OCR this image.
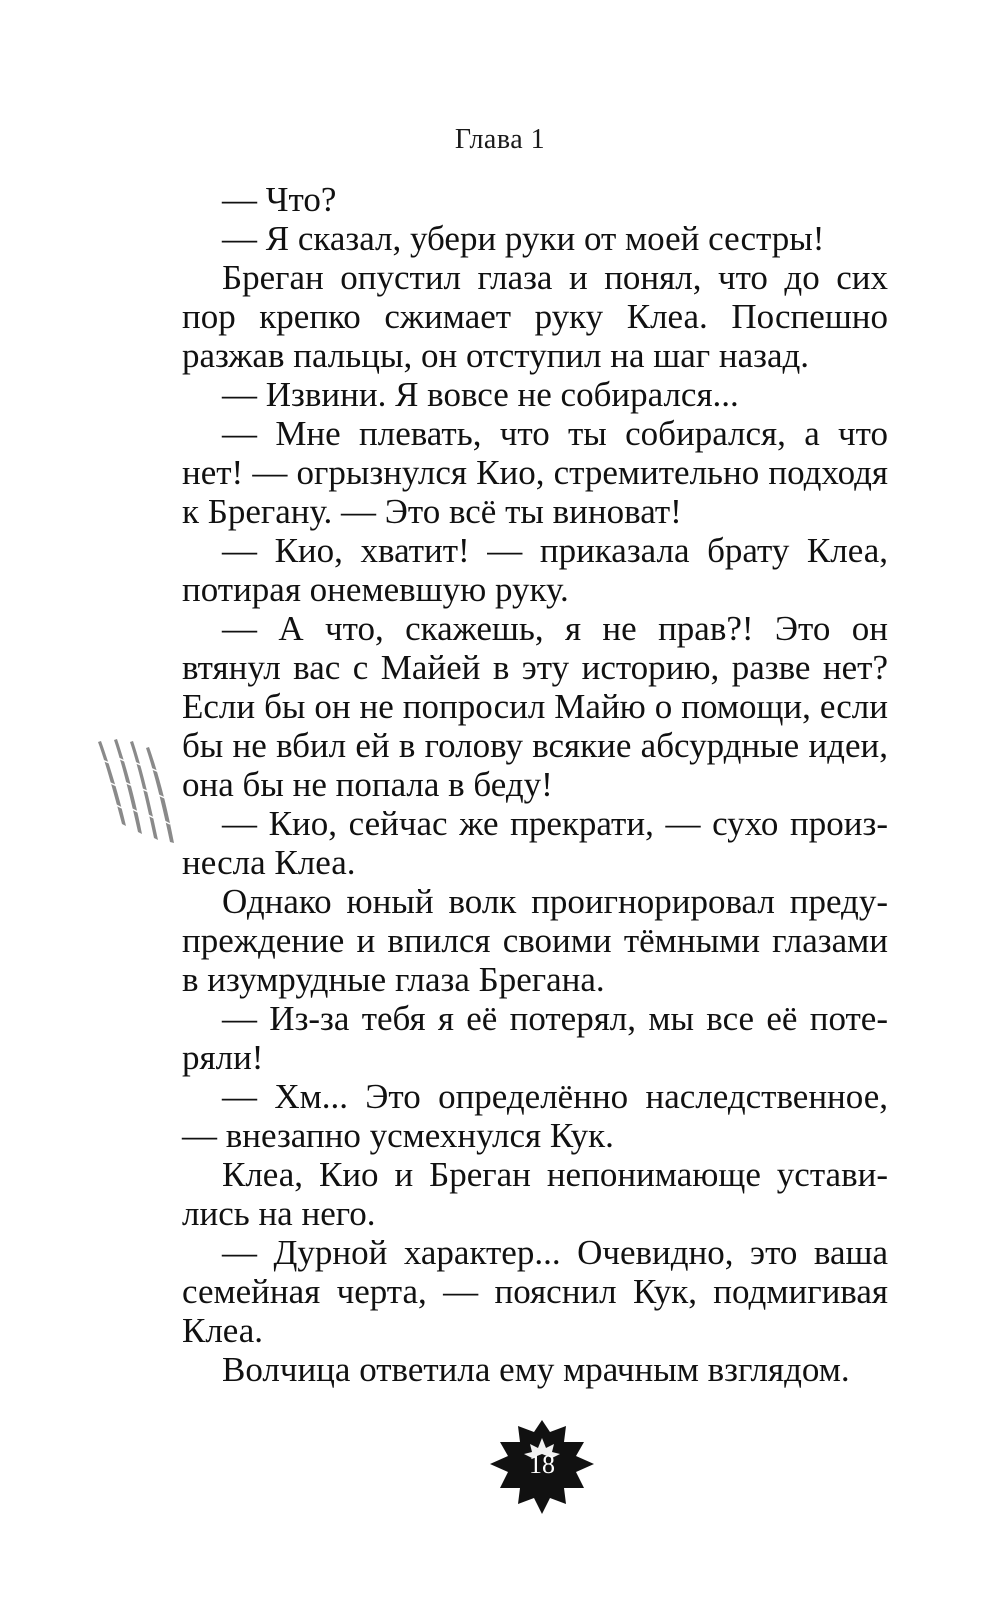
Глава 1

— Что?

— Я сказал, убери руки от моей сестры!

Бреган опустил глаза и понял, что до сих пор крепко сжимает руку Клеа. Поспешно разжав пальцы, он отступил на шаг назад.

— Извини. Я вовсе не собирался...

— Мне плевать, что ты собирался, а что нет! — огрызнулся Кио, стремительно подходя к Брегану. — Это всё ты виноват!

— Кио, хватит! — приказала брату Клеа, потирая онемевшую руку.

— А что, скажешь, я не прав?! Это он втянул вас с Майей в эту историю, разве нет? Если бы он не попросил Майю о помощи, если бы не вбил ей в голову всякие абсурдные идеи, она бы не попала в беду!

— Кио, сейчас же прекрати, — сухо произнесла Клеа.

Однако юный волк проигнорировал предупреждение и впился своими тёмными глазами в изумрудные глаза Брегана.

— Из-за тебя я её потерял, мы все её потеряли!

— Хм... Это определённо наследственное, — внезапно усмехнулся Кук.

Клеа, Кио и Бреган непонимающе уставились на него.

— Дурной характер... Очевидно, это ваша семейная черта, — пояснил Кук, подмигивая Клеа.

Волчица ответила ему мрачным взглядом.

18
